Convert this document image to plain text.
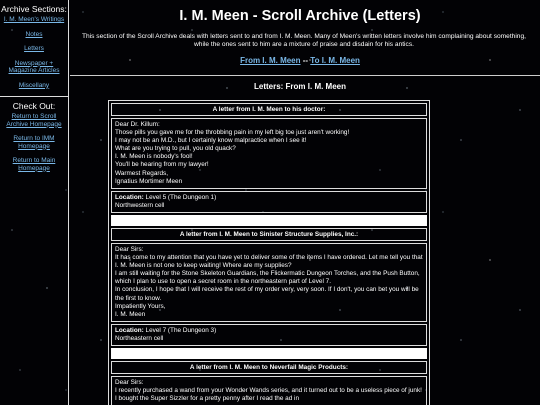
Archive Sections:
I. M. Meen's Writings
Notes
Letters
Newspaper + Magazine Articles
Miscellany
Check Out:
Return to Scroll Archive Homepage
Return to IMM Homepage
Return to Main Homepage
I. M. Meen - Scroll Archive (Letters)
This section of the Scroll Archive deals with letters sent to and from I. M. Meen. Many of Meen's written letters involve him complaining about something, while the ones sent to him are a mixture of praise and disdain for his antics.
From I. M. Meen -- To I. M. Meen
Letters: From I. M. Meen
A letter from I. M. Meen to his doctor:
Dear Dr. Killum:
Those pills you gave me for the throbbing pain in my left big toe just aren't working!
I may not be an M.D., but I certainly know malpractice when I see it!
What are you trying to pull, you old quack?
I. M. Meen is nobody's fool!
You'll be hearing from my lawyer!
Warmest Regards,
Ignatius Mortimer Meen
Location: Level 5 (The Dungeon 1)
Northwestern cell
A letter from I. M. Meen to Sinister Structure Supplies, Inc.:
Dear Sirs:
It has come to my attention that you have yet to deliver some of the items I have ordered. Let me tell you that I. M. Meen is not one to keep waiting! Where are my supplies?
I am still waiting for the Stone Skeleton Guardians, the Flickermatic Dungeon Torches, and the Push Button, which I plan to use to open a secret room in the northeastern part of Level 7.
In conclusion, I hope that I will receive the rest of my order very, very soon. If I don't, you can bet you will be the first to know.
Impatiently Yours,
I. M. Meen
Location: Level 7 (The Dungeon 3)
Northeastern cell
A letter from I. M. Meen to Neverfail Magic Products:
Dear Sirs:
I recently purchased a wand from your Wonder Wands series, and it turned out to be a useless piece of junk!
I bought the Super Sizzler for a pretty penny after I read the ad in
